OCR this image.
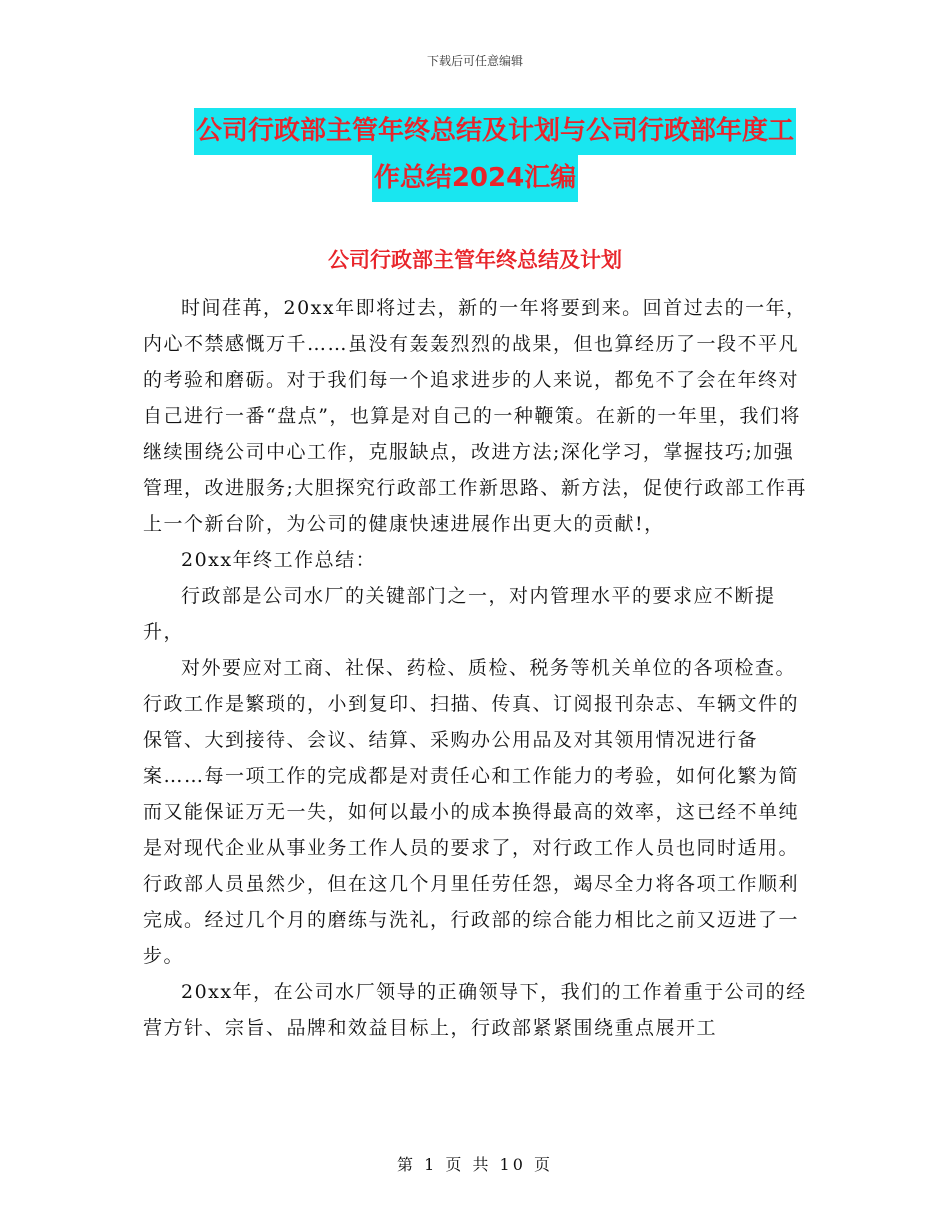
下载后可任意编辑
公司行政部主管年终总结及计划与公司行政部年度工
作总结2024汇编
公司行政部主管年终总结及计划

时间荏苒，20xx年即将过去，新的一年将要到来。回首过去的一年，内心不禁感慨万千……虽没有轰轰烈烈的战果，但也算经历了一段不平凡的考验和磨砺。对于我们每一个追求进步的人来说，都免不了会在年终对自己进行一番“盘点”，也算是对自己的一种鞭策。在新的一年里，我们将继续围绕公司中心工作，克服缺点，改进方法;深化学习，掌握技巧;加强管理，改进服务;大胆探究行政部工作新思路、新方法，促使行政部工作再上一个新台阶，为公司的健康快速进展作出更大的贡献!，

20xx年终工作总结：

行政部是公司水厂的关键部门之一，对内管理水平的要求应不断提升，

对外要应对工商、社保、药检、质检、税务等机关单位的各项检查。行政工作是繁琐的，小到复印、扫描、传真、订阅报刊杂志、车辆文件的保管、大到接待、会议、结算、采购办公用品及对其领用情况进行备案……每一项工作的完成都是对责任心和工作能力的考验，如何化繁为简而又能保证万无一失，如何以最小的成本换得最高的效率，这已经不单纯是对现代企业从事业务工作人员的要求了，对行政工作人员也同时适用。行政部人员虽然少，但在这几个月里任劳任怨，竭尽全力将各项工作顺利完成。经过几个月的磨练与洗礼，行政部的综合能力相比之前又迈进了一步。

20xx年，在公司水厂领导的正确领导下，我们的工作着重于公司的经营方针、宗旨、品牌和效益目标上，行政部紧紧围绕重点展开工

第 1 页 共 10 页
